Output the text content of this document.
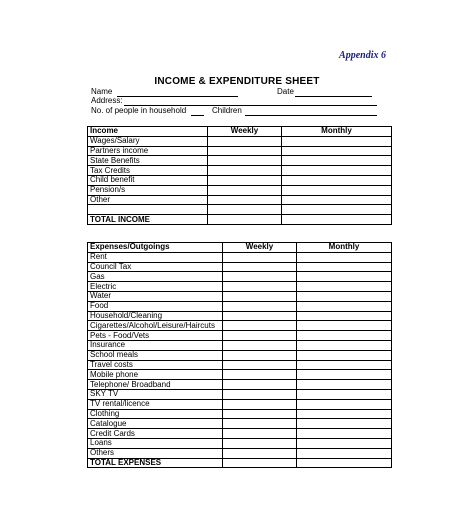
Appendix 6
INCOME & EXPENDITURE SHEET
Name	Date
Address:
No. of people in household	Children
Income	Weekly	Monthly
Wages/Salary		
Partners income		
State Benefits		
Tax Credits		
Child benefit		
Pension/s		
Other		

TOTAL INCOME		
Expenses/Outgoings	Weekly	Monthly
Rent		
Council Tax		
Gas		
Electric		
Water		
Food		
Household/Cleaning		
Cigarettes/Alcohol/Leisure/Haircuts		
Pets - Food/Vets		
Insurance		
School meals		
Travel costs		
Mobile phone		
Telephone/ Broadband		
SKY TV		
TV rental/licence		
Clothing		
Catalogue		
Credit Cards		
Loans		
Others		
TOTAL EXPENSES		
